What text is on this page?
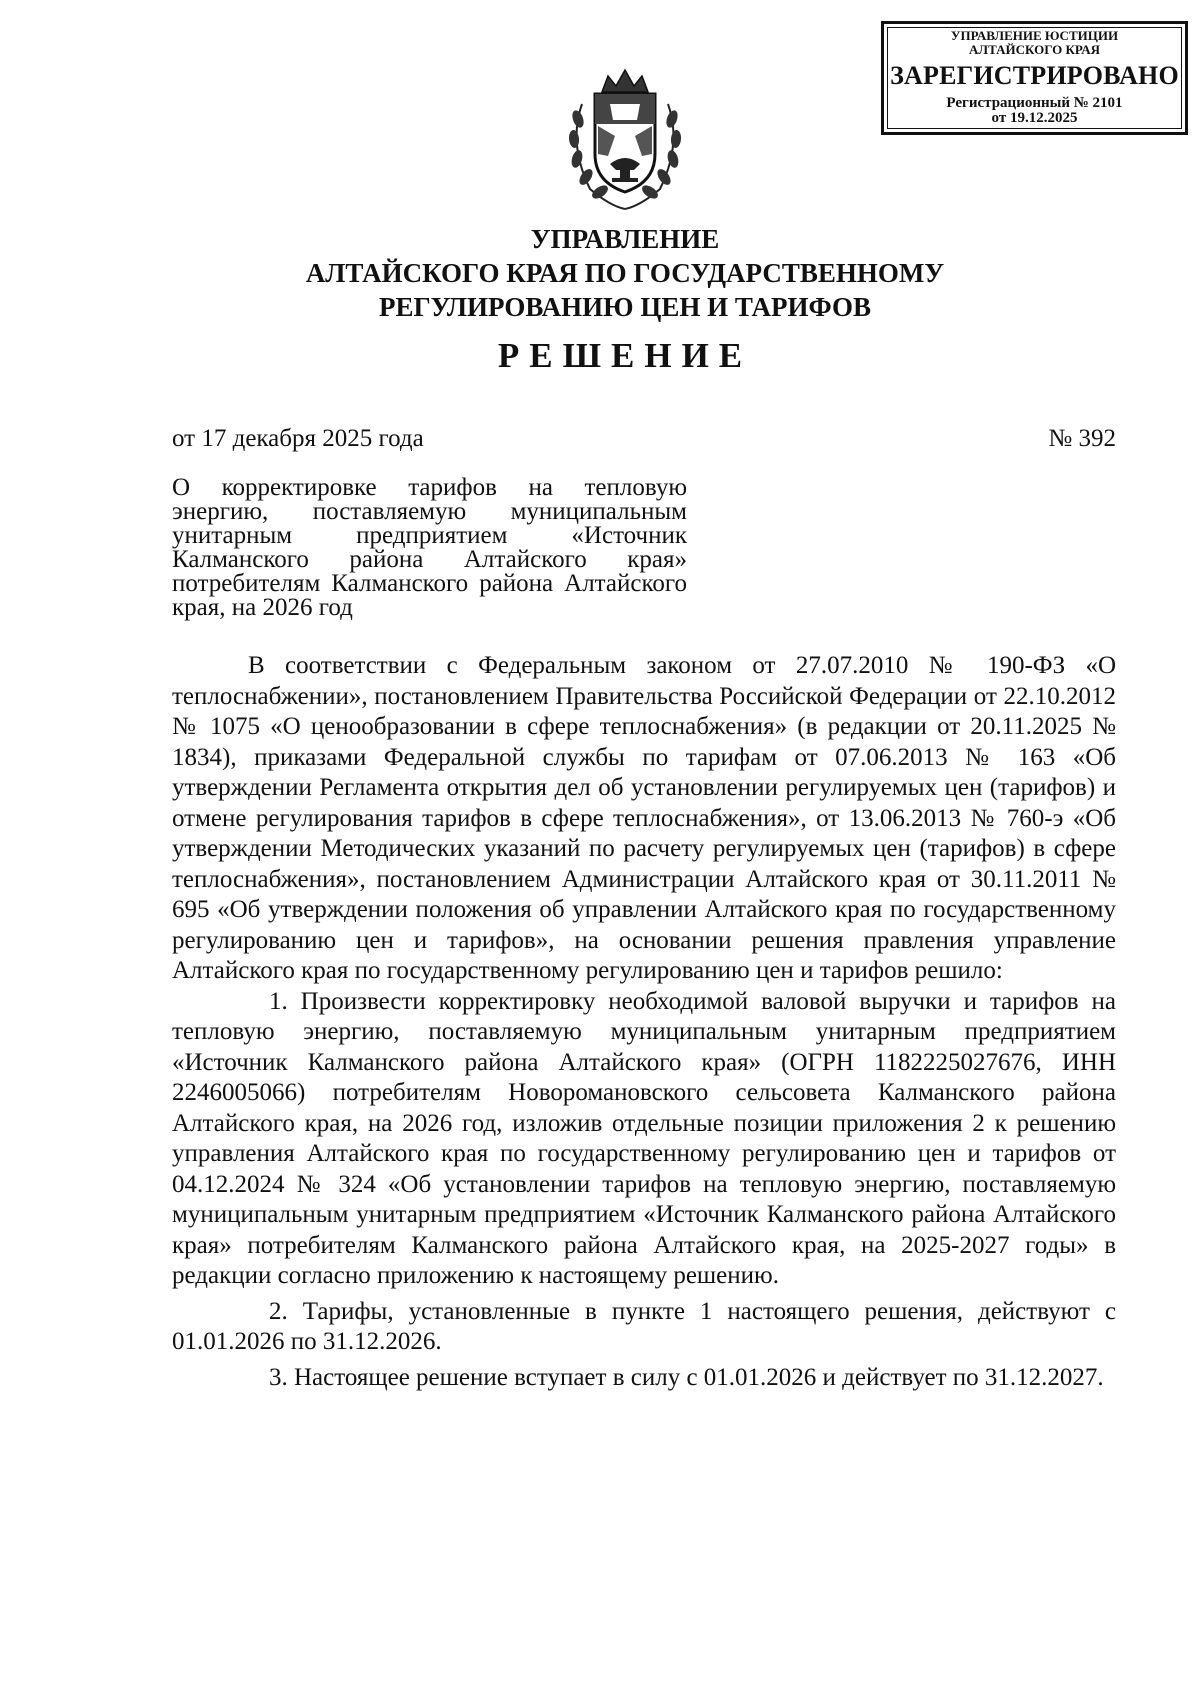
УПРАВЛЕНИЕ ЮСТИЦИИ
АЛТАЙСКОГО КРАЯ
ЗАРЕГИСТРИРОВАНО
Регистрационный № 2101
от 19.12.2025
УПРАВЛЕНИЕ
АЛТАЙСКОГО КРАЯ ПО ГОСУДАРСТВЕННОМУ
РЕГУЛИРОВАНИЮ ЦЕН И ТАРИФОВ
РЕШЕНИЕ
от 17 декабря 2025 года	№ 392
О корректировке тарифов на тепловую энергию, поставляемую муниципальным унитарным предприятием «Источник Калманского района Алтайского края» потребителям Калманского района Алтайского края, на 2026 год

В соответствии с Федеральным законом от 27.07.2010 № 190-ФЗ «О теплоснабжении», постановлением Правительства Российской Федерации от 22.10.2012 № 1075 «О ценообразовании в сфере теплоснабжения» (в редакции от 20.11.2025 № 1834), приказами Федеральной службы по тарифам от 07.06.2013 № 163 «Об утверждении Регламента открытия дел об установлении регулируемых цен (тарифов) и отмене регулирования тарифов в сфере теплоснабжения», от 13.06.2013 № 760-э «Об утверждении Методических указаний по расчету регулируемых цен (тарифов) в сфере теплоснабжения», постановлением Администрации Алтайского края от 30.11.2011 № 695 «Об утверждении положения об управлении Алтайского края по государственному регулированию цен и тарифов», на основании решения правления управление Алтайского края по государственному регулированию цен и тарифов решило:

1. Произвести корректировку необходимой валовой выручки и тарифов на тепловую энергию, поставляемую муниципальным унитарным предприятием «Источник Калманского района Алтайского края» (ОГРН 1182225027676, ИНН 2246005066) потребителям Новоромановского сельсовета Калманского района Алтайского края, на 2026 год, изложив отдельные позиции приложения 2 к решению управления Алтайского края по государственному регулированию цен и тарифов от 04.12.2024 № 324 «Об установлении тарифов на тепловую энергию, поставляемую муниципальным унитарным предприятием «Источник Калманского района Алтайского края» потребителям Калманского района Алтайского края, на 2025-2027 годы» в редакции согласно приложению к настоящему решению.

2. Тарифы, установленные в пункте 1 настоящего решения, действуют с 01.01.2026 по 31.12.2026.

3. Настоящее решение вступает в силу с 01.01.2026 и действует по 31.12.2027.
